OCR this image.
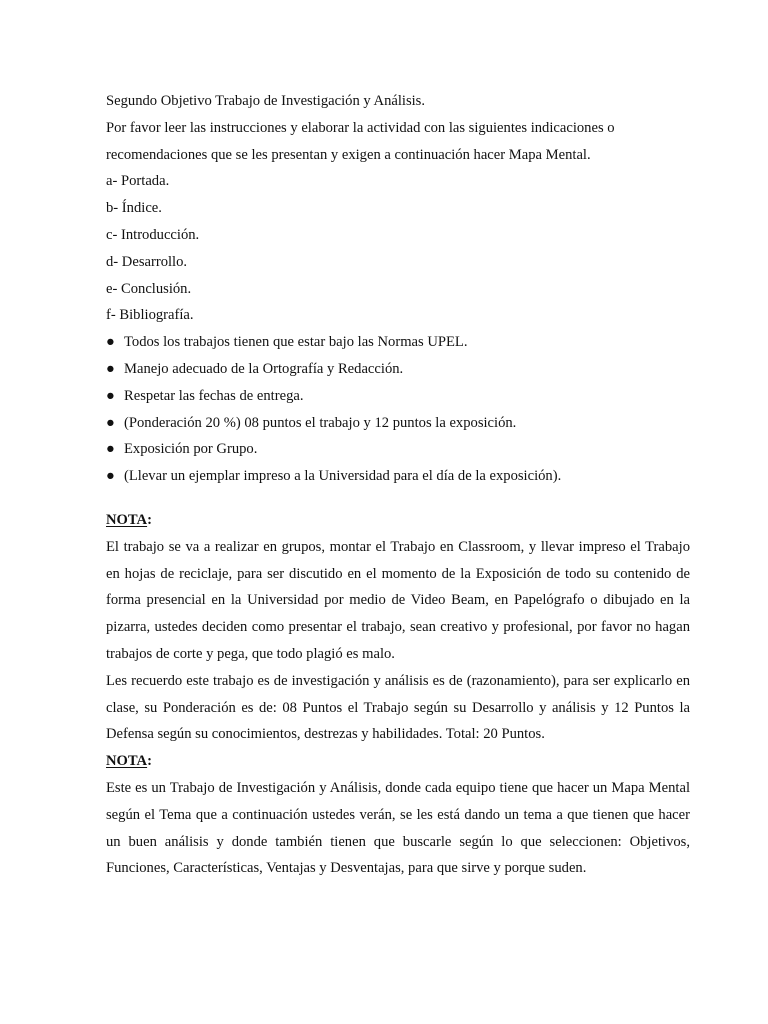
Segundo Objetivo Trabajo de Investigación y Análisis.
Por favor leer las instrucciones y elaborar la actividad con las siguientes indicaciones o
recomendaciones que se les presentan y exigen a continuación hacer Mapa Mental.
a- Portada.
b- Índice.
c- Introducción.
d- Desarrollo.
e- Conclusión.
f- Bibliografía.
● Todos los trabajos tienen que estar bajo las Normas UPEL.
● Manejo adecuado de la Ortografía y Redacción.
● Respetar las fechas de entrega.
● (Ponderación 20 %) 08 puntos el trabajo y 12 puntos la exposición.
● Exposición por Grupo.
● (Llevar un ejemplar impreso a la Universidad para el día de la exposición).
NOTA:

El trabajo se va a realizar en grupos, montar el Trabajo en Classroom, y llevar impreso el Trabajo en hojas de reciclaje, para ser discutido en el momento de la Exposición de todo su contenido de forma presencial en la Universidad por medio de Video Beam, en Papelógrafo o dibujado en la pizarra, ustedes deciden como presentar el trabajo, sean creativo y profesional, por favor no hagan trabajos de corte y pega, que todo plagió es malo.

Les recuerdo este trabajo es de investigación y análisis es de (razonamiento), para ser explicarlo en clase, su Ponderación es de: 08 Puntos el Trabajo según su Desarrollo y análisis y 12 Puntos la Defensa según su conocimientos, destrezas y habilidades. Total: 20 Puntos.

NOTA:

Este es un Trabajo de Investigación y Análisis, donde cada equipo tiene que hacer un Mapa Mental según el Tema que a continuación ustedes verán, se les está dando un tema a que tienen que hacer un buen análisis y donde también tienen que buscarle según lo que seleccionen: Objetivos, Funciones, Características, Ventajas y Desventajas, para que sirve y porque suden.
